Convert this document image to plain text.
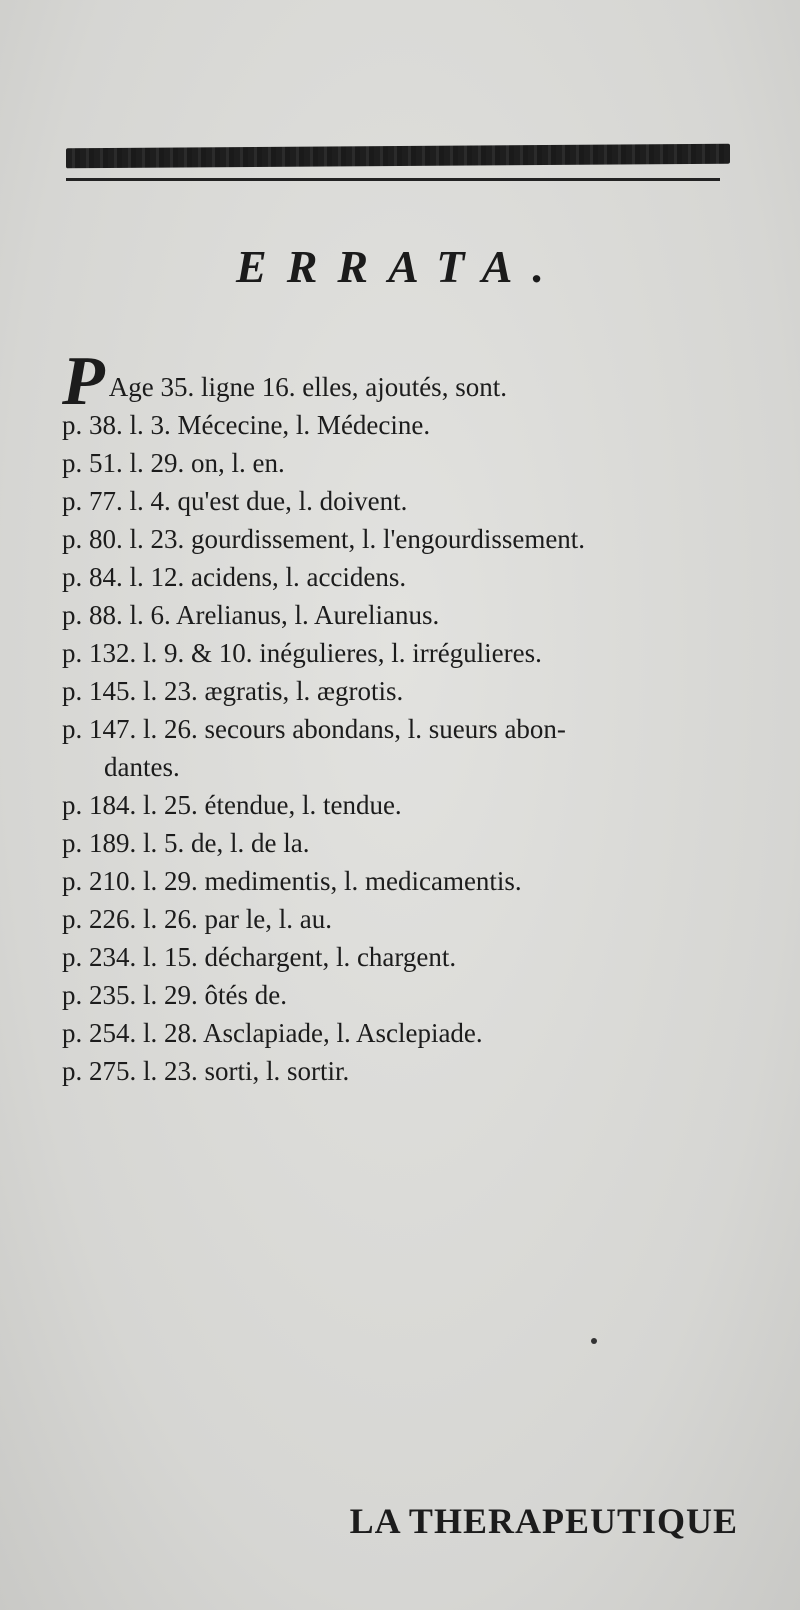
ERRATA.
P Age 35. ligne 16. elles, ajoutés, sont.
p. 38. l. 3. Mécecine, l. Médecine.
p. 51. l. 29. on, l. en.
p. 77. l. 4. qu'est due, l. doivent.
p. 80. l. 23. gourdissement, l. l'engourdissement.
p. 84. l. 12. acidens, l. accidens.
p. 88. l. 6. Arelianus, l. Aurelianus.
p. 132. l. 9. & 10. inégulieres, l. irrégulieres.
p. 145. l. 23. ægratis, l. ægrotis.
p. 147. l. 26. secours abondans, l. sueurs abon-
dantes.
p. 184. l. 25. étendue, l. tendue.
p. 189. l. 5. de, l. de la.
p. 210. l. 29. medimentis, l. medicamentis.
p. 226. l. 26. par le, l. au.
p. 234. l. 15. déchargent, l. chargent.
p. 235. l. 29. ôtés de.
p. 254. l. 28. Asclapiade, l. Asclepiade.
p. 275. l. 23. sorti, l. sortir.
LA THERAPEUTIQUE
